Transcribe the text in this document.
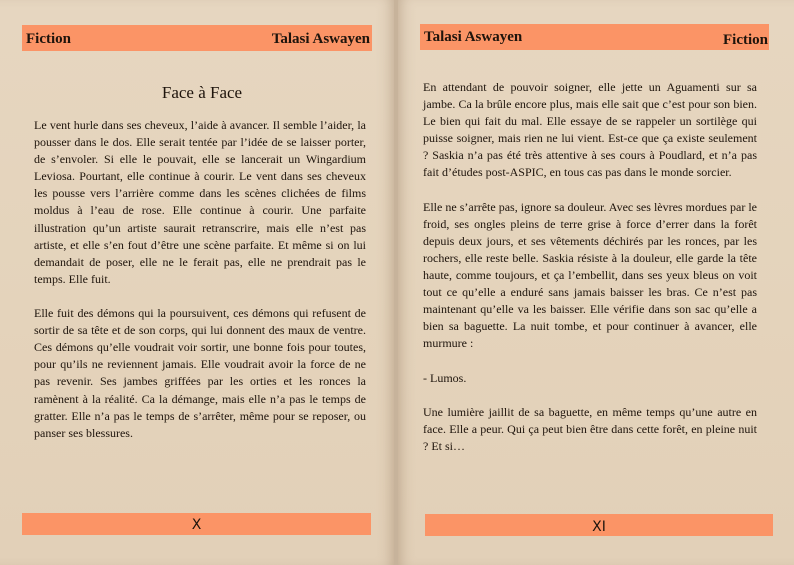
Fiction	Talasi Aswayen
Face à Face

Le vent hurle dans ses cheveux, l’aide à avancer. Il semble l’aider, la pousser dans le dos. Elle serait tentée par l’idée de se laisser porter, de s’envoler. Si elle le pouvait, elle se lancerait un Wingardium Leviosa. Pourtant, elle continue à courir. Le vent dans ses cheveux les pousse vers l’arrière comme dans les scènes clichées de films moldus à l’eau de rose. Elle continue à courir. Une parfaite illustration qu’un artiste saurait retranscrire, mais elle n’est pas artiste, et elle s’en fout d’être une scène parfaite. Et même si on lui demandait de poser, elle ne le ferait pas, elle ne prendrait pas le temps. Elle fuit.

Elle fuit des démons qui la poursuivent, ces démons qui refusent de sortir de sa tête et de son corps, qui lui donnent des maux de ventre. Ces démons qu’elle voudrait voir sortir, une bonne fois pour toutes, pour qu’ils ne reviennent jamais. Elle voudrait avoir la force de ne pas revenir. Ses jambes griffées par les orties et les ronces la ramènent à la réalité. Ca la démange, mais elle n’a pas le temps de gratter. Elle n’a pas le temps de s’arrêter, même pour se reposer, ou panser ses blessures.

X
Talasi Aswayen	Fiction

En attendant de pouvoir soigner, elle jette un Aguamenti sur sa jambe. Ca la brûle encore plus, mais elle sait que c’est pour son bien. Le bien qui fait du mal. Elle essaye de se rappeler un sortilège qui puisse soigner, mais rien ne lui vient. Est-ce que ça existe seulement ? Saskia n’a pas été très attentive à ses cours à Poudlard, et n’a pas fait d’études post-ASPIC, en tous cas pas dans le monde sorcier.

Elle ne s’arrête pas, ignore sa douleur. Avec ses lèvres mordues par le froid, ses ongles pleins de terre grise à force d’errer dans la forêt depuis deux jours, et ses vêtements déchirés par les ronces, par les rochers, elle reste belle. Saskia résiste à la douleur, elle garde la tête haute, comme toujours, et ça l’embellit, dans ses yeux bleus on voit tout ce qu’elle a enduré sans jamais baisser les bras. Ce n’est pas maintenant qu’elle va les baisser. Elle vérifie dans son sac qu’elle a bien sa baguette. La nuit tombe, et pour continuer à avancer, elle murmure :

- Lumos.

Une lumière jaillit de sa baguette, en même temps qu’une autre en face. Elle a peur. Qui ça peut bien être dans cette forêt, en pleine nuit ? Et si…

XI
